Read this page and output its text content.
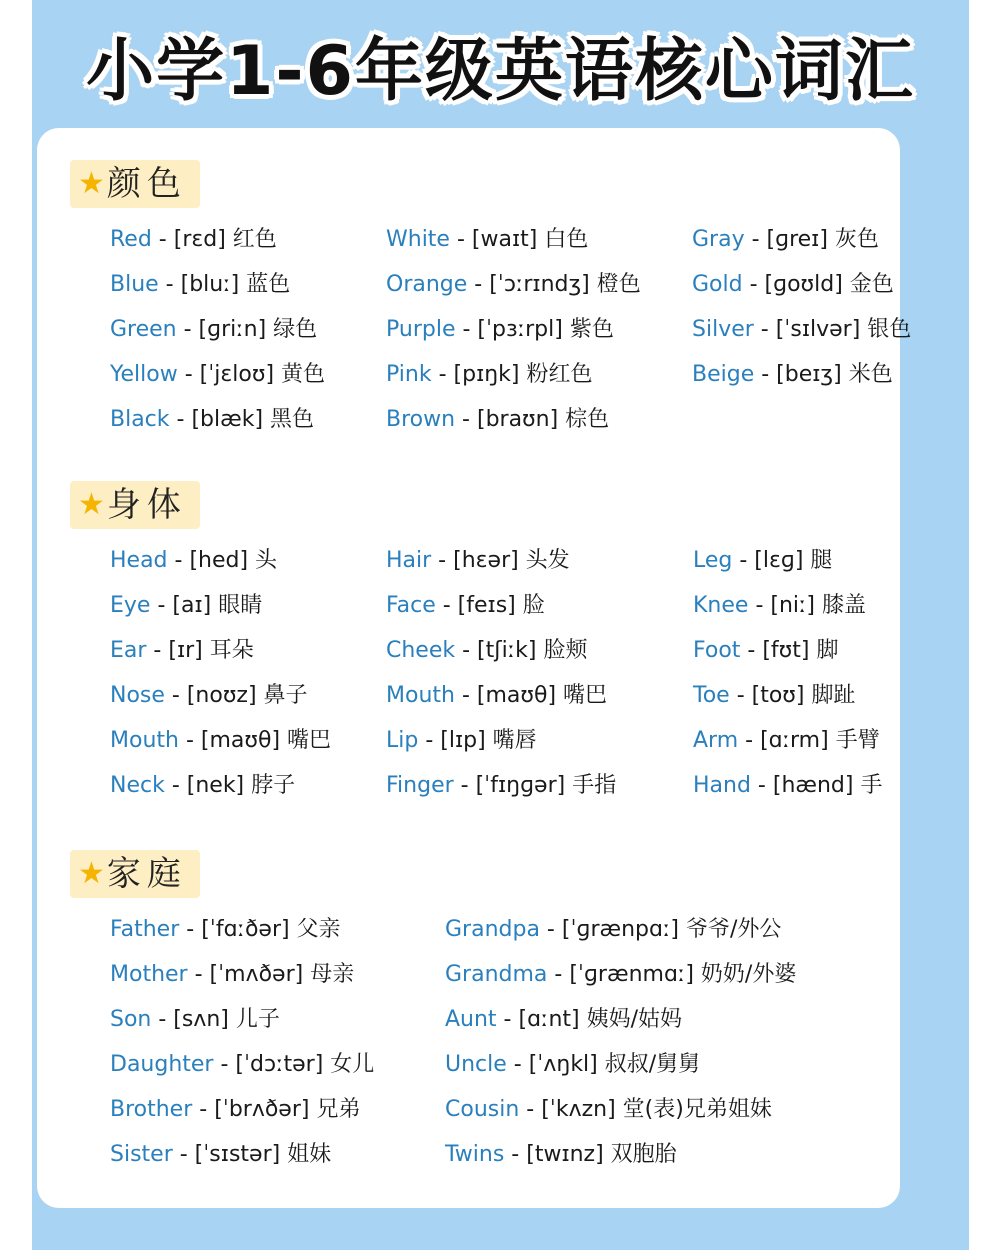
小学1-6年级英语核心词汇
★ 颜色
Red - [rɛd] 红色
Blue - [bluː] 蓝色
Green - [ɡriːn] 绿色
Yellow - [ˈjɛloʊ] 黄色
Black - [blæk] 黑色
White - [waɪt] 白色
Orange - [ˈɔːrɪndʒ] 橙色
Purple - [ˈpɜːrpl] 紫色
Pink - [pɪŋk] 粉红色
Brown - [braʊn] 棕色
Gray - [ɡreɪ] 灰色
Gold - [ɡoʊld] 金色
Silver - [ˈsɪlvər] 银色
Beige - [beɪʒ] 米色
★ 身体
Head - [hed] 头
Eye - [aɪ] 眼睛
Ear - [ɪr] 耳朵
Nose - [noʊz] 鼻子
Mouth - [maʊθ] 嘴巴
Neck - [nek] 脖子
Hair - [hɛər] 头发
Face - [feɪs] 脸
Cheek - [tʃiːk] 脸颊
Mouth - [maʊθ] 嘴巴
Lip - [lɪp] 嘴唇
Finger - [ˈfɪŋɡər] 手指
Leg - [lɛɡ] 腿
Knee - [niː] 膝盖
Foot - [fʊt] 脚
Toe - [toʊ] 脚趾
Arm - [ɑːrm] 手臂
Hand - [hænd] 手
★ 家庭
Father - [ˈfɑːðər] 父亲
Mother - [ˈmʌðər] 母亲
Son - [sʌn] 儿子
Daughter - [ˈdɔːtər] 女儿
Brother - [ˈbrʌðər] 兄弟
Sister - [ˈsɪstər] 姐妹
Grandpa - [ˈɡrænpɑː] 爷爷/外公
Grandma - [ˈɡrænmɑː] 奶奶/外婆
Aunt - [ɑːnt] 姨妈/姑妈
Uncle - [ˈʌŋkl] 叔叔/舅舅
Cousin - [ˈkʌzn] 堂(表)兄弟姐妹
Twins - [twɪnz] 双胞胎
